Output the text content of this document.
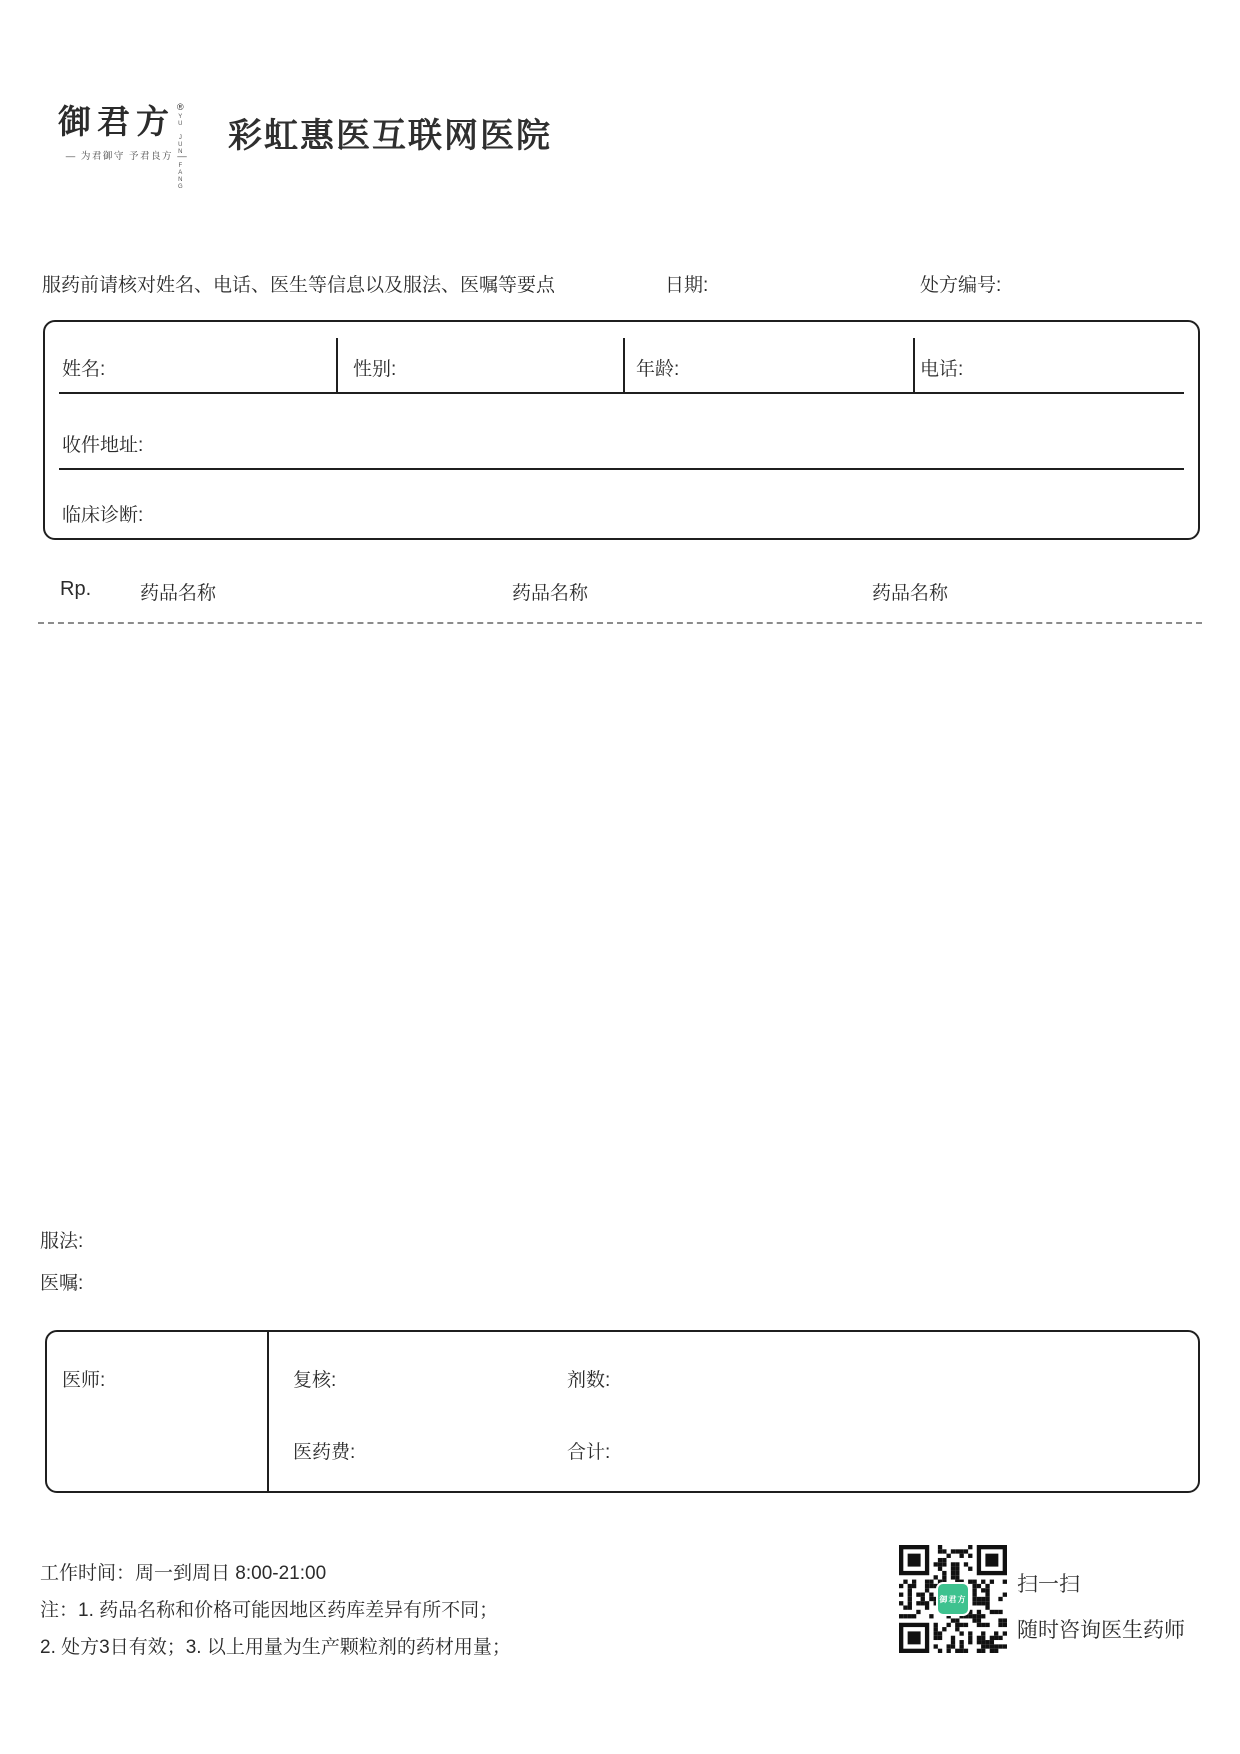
御君方 ®
YU JUN FANG
— 为君御守 予君良方 —
彩虹惠医互联网医院
服药前请核对姓名、电话、医生等信息以及服法、医嘱等要点	日期:	处方编号:
姓名:	性别:	年龄:	电话:
收件地址:
临床诊断:
Rp.	药品名称	药品名称	药品名称
服法:
医嘱:
医师:	复核:	剂数:
医药费:	合计:
工作时间：周一到周日 8:00-21:00
注：1. 药品名称和价格可能因地区药库差异有所不同；
2. 处方3日有效；3. 以上用量为生产颗粒剂的药材用量；
御君方
扫一扫
随时咨询医生药师
